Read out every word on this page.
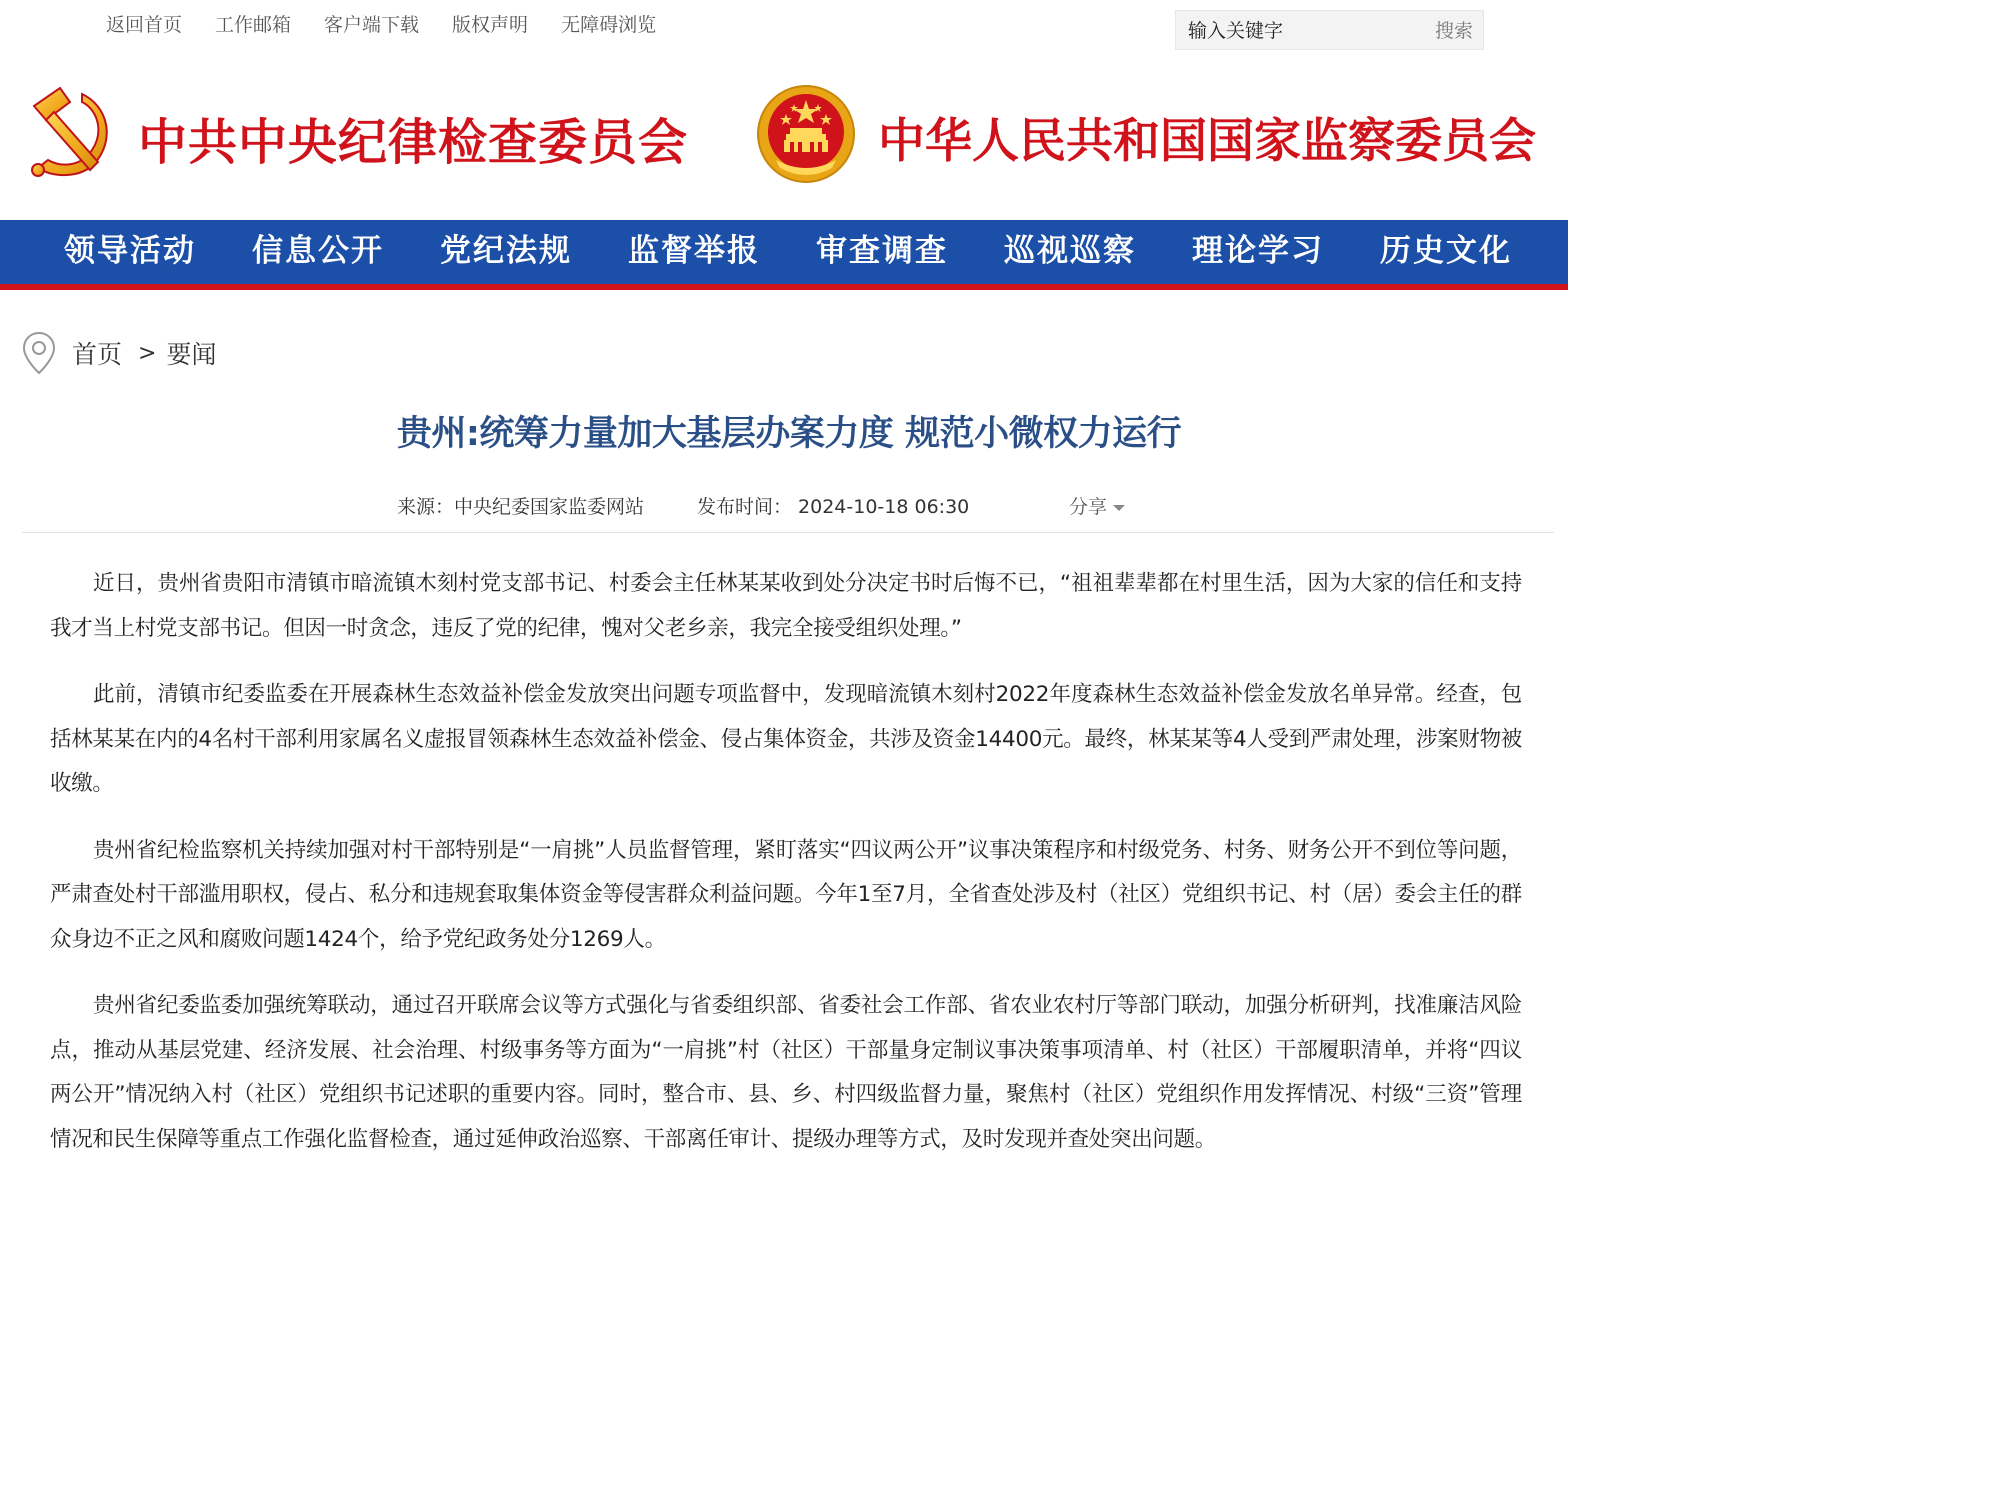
返回首页 工作邮箱 客户端下载 版权声明 无障碍浏览
输入关键字	搜索
中共中央纪律检查委员会	中华人民共和国国家监察委员会
领导活动	信息公开	党纪法规	监督举报	审查调查	巡视巡察	理论学习	历史文化
首页 > 要闻
贵州:统筹力量加大基层办案力度 规范小微权力运行
来源：中央纪委国家监委网站	发布时间： 2024-10-18 06:30	分享

近日，贵州省贵阳市清镇市暗流镇木刻村党支部书记、村委会主任林某某收到处分决定书时后悔不已，“祖祖辈辈都在村里生活，因为大家的信任和支持我才当上村党支部书记。但因一时贪念，违反了党的纪律，愧对父老乡亲，我完全接受组织处理。”

此前，清镇市纪委监委在开展森林生态效益补偿金发放突出问题专项监督中，发现暗流镇木刻村2022年度森林生态效益补偿金发放名单异常。经查，包括林某某在内的4名村干部利用家属名义虚报冒领森林生态效益补偿金、侵占集体资金，共涉及资金14400元。最终，林某某等4人受到严肃处理，涉案财物被收缴。

贵州省纪检监察机关持续加强对村干部特别是“一肩挑”人员监督管理，紧盯落实“四议两公开”议事决策程序和村级党务、村务、财务公开不到位等问题，严肃查处村干部滥用职权，侵占、私分和违规套取集体资金等侵害群众利益问题。今年1至7月，全省查处涉及村（社区）党组织书记、村（居）委会主任的群众身边不正之风和腐败问题1424个，给予党纪政务处分1269人。

贵州省纪委监委加强统筹联动，通过召开联席会议等方式强化与省委组织部、省委社会工作部、省农业农村厅等部门联动，加强分析研判，找准廉洁风险点，推动从基层党建、经济发展、社会治理、村级事务等方面为“一肩挑”村（社区）干部量身定制议事决策事项清单、村（社区）干部履职清单，并将“四议两公开”情况纳入村（社区）党组织书记述职的重要内容。同时，整合市、县、乡、村四级监督力量，聚焦村（社区）党组织作用发挥情况、村级“三资”管理情况和民生保障等重点工作强化监督检查，通过延伸政治巡察、干部离任审计、提级办理等方式，及时发现并查处突出问题。
